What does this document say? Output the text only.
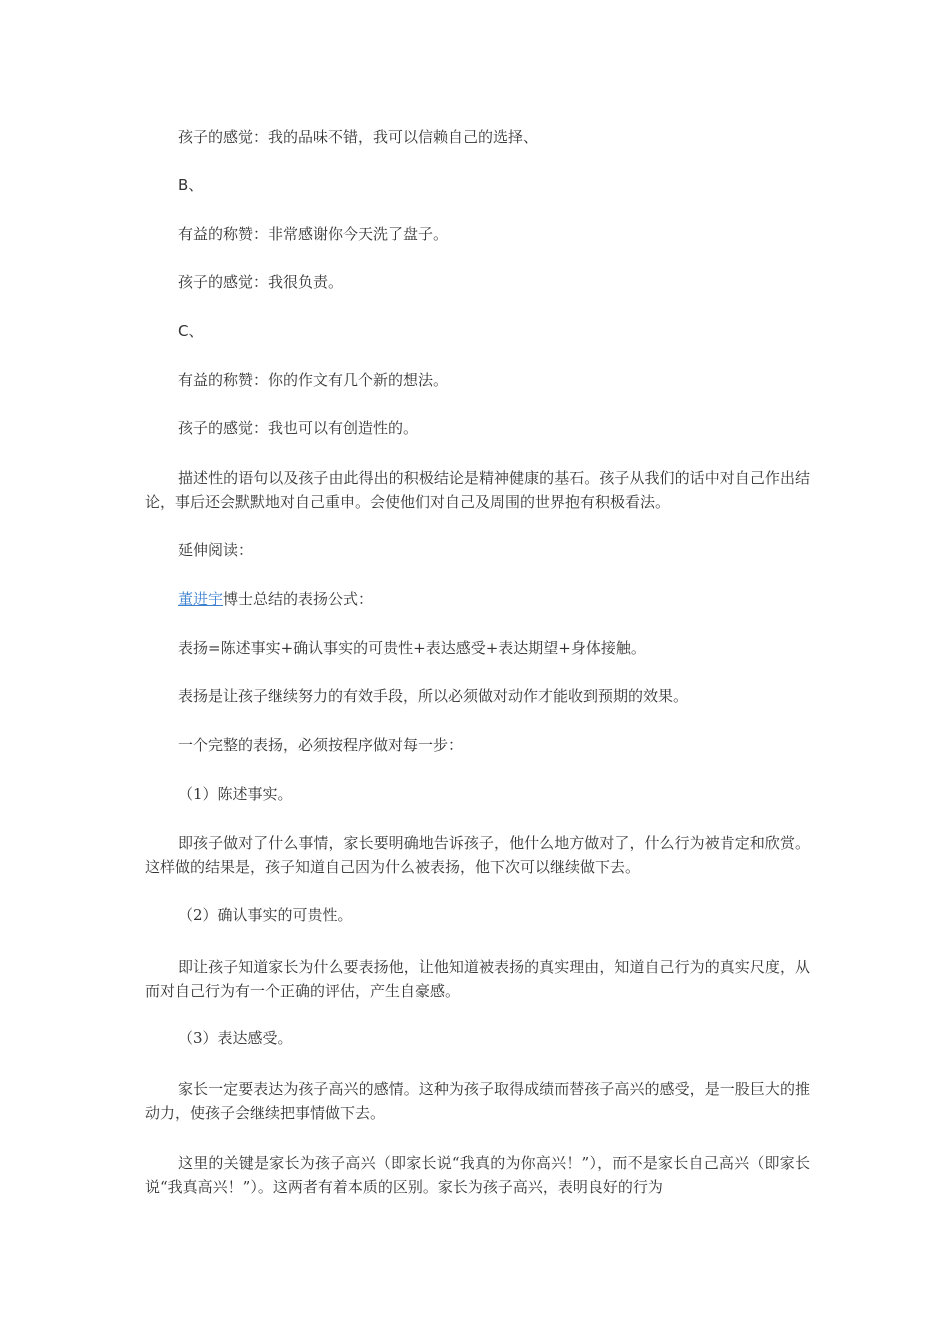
孩子的感觉：我的品味不错，我可以信赖自己的选择、

B、

有益的称赞：非常感谢你今天洗了盘子。

孩子的感觉：我很负责。

C、

有益的称赞：你的作文有几个新的想法。

孩子的感觉：我也可以有创造性的。

描述性的语句以及孩子由此得出的积极结论是精神健康的基石。孩子从我们的话中对自己作出结论，事后还会默默地对自己重申。会使他们对自己及周围的世界抱有积极看法。

延伸阅读：

董进宇博士总结的表扬公式：

表扬=陈述事实+确认事实的可贵性+表达感受+表达期望+身体接触。

表扬是让孩子继续努力的有效手段，所以必须做对动作才能收到预期的效果。

一个完整的表扬，必须按程序做对每一步：

（1）陈述事实。

即孩子做对了什么事情，家长要明确地告诉孩子，他什么地方做对了，什么行为被肯定和欣赏。这样做的结果是，孩子知道自己因为什么被表扬，他下次可以继续做下去。

（2）确认事实的可贵性。

即让孩子知道家长为什么要表扬他，让他知道被表扬的真实理由，知道自己行为的真实尺度，从而对自己行为有一个正确的评估，产生自豪感。

（3）表达感受。

家长一定要表达为孩子高兴的感情。这种为孩子取得成绩而替孩子高兴的感受，是一股巨大的推动力，使孩子会继续把事情做下去。

这里的关键是家长为孩子高兴（即家长说“我真的为你高兴！”），而不是家长自己高兴（即家长说“我真高兴！”）。这两者有着本质的区别。家长为孩子高兴，表明良好的行为
